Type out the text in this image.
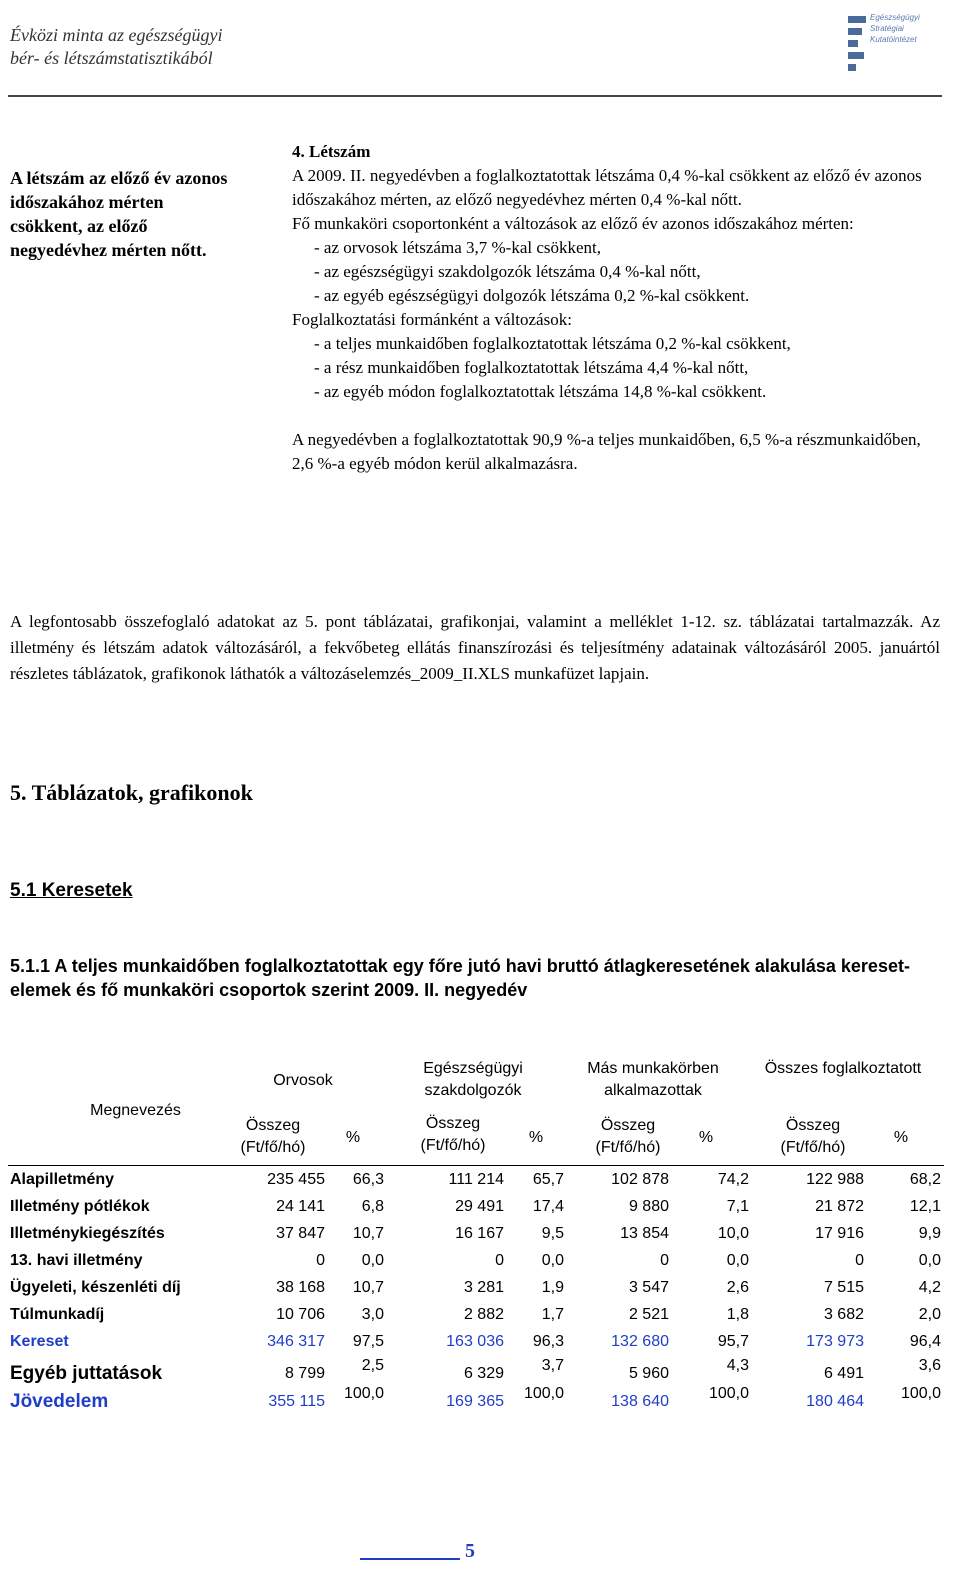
Évközi minta az egészségügyi
bér- és létszámstatisztikából
Egészségügyi
Stratégiai
Kutatóintézet
A létszám az előző év azonos időszakához mérten csökkent, az előző negyedévhez mérten nőtt.

4. Létszám

A 2009. II. negyedévben a foglalkoztatottak létszáma 0,4 %-kal csökkent az előző év azonos időszakához mérten, az előző negyedévhez mérten 0,4 %-kal nőtt.

Fő munkaköri csoportonként a változások az előző év azonos időszakához mérten:

- az orvosok létszáma 3,7 %-kal csökkent,

- az egészségügyi szakdolgozók létszáma 0,4 %-kal nőtt,

- az egyéb egészségügyi dolgozók létszáma 0,2 %-kal csökkent.

Foglalkoztatási formánként a változások:

- a teljes munkaidőben foglalkoztatottak létszáma 0,2 %-kal csökkent,

- a rész munkaidőben foglalkoztatottak létszáma 4,4 %-kal nőtt,

- az egyéb módon foglalkoztatottak létszáma 14,8 %-kal csökkent.

A negyedévben a foglalkoztatottak 90,9 %-a teljes munkaidőben, 6,5 %-a részmunkaidőben, 2,6 %-a egyéb módon kerül alkalmazásra.

A legfontosabb összefoglaló adatokat az 5. pont táblázatai, grafikonjai, valamint a melléklet 1-12. sz. táblázatai tartalmazzák. Az illetmény és létszám adatok változásáról, a fekvőbeteg ellátás finanszírozási és teljesítmény adatainak változásáról 2005. januártól részletes táblázatok, grafikonok láthatók a változáselemzés_2009_II.XLS munkafüzet lapjain.
5. Táblázatok, grafikonok
5.1 Keresetek
5.1.1 A teljes munkaidőben foglalkoztatottak egy főre jutó havi bruttó átlagkeresetének alakulása keresetelemek és fő munkaköri csoportok szerint 2009. II. negyedév
Megnevezés
Orvosok
Egészségügyi szakdolgozók
Más munkakörben alkalmazottak
Összes foglalkoztatott
Összeg (Ft/fő/hó)
%
Összeg (Ft/fő/hó)	%
Összeg (Ft/fő/hó)
%
Összeg (Ft/fő/hó)
%
Alapilletmény	235 455 66,3	111 214 65,7	102 878	74,2	122 988	68,2
Illetmény pótlékok	24 141 6,8	29 491 17,4	9 880	7,1	21 872	12,1
Illetménykiegészítés	37 847 10,7	16 167 9,5	13 854	10,0	17 916	9,9
13. havi illetmény	0 0,0	0 0,0	0	0,0	0	0,0
Ügyeleti, készenléti díj	38 168 10,7	3 281 1,9	3 547	2,6	7 515	4,2
Túlmunkadíj	10 706 3,0	2 882 1,7	2 521	1,8	3 682	2,0
Kereset	346 317 97,5	163 036 96,3	132 680	95,7	173 973	96,4
Egyéb juttatások	8 799 2,5	6 329 3,7	5 960	4,3	6 491	3,6
Jövedelem	355 115 100,0	169 365 100,0	138 640 100,0	180 464 100,0
5
